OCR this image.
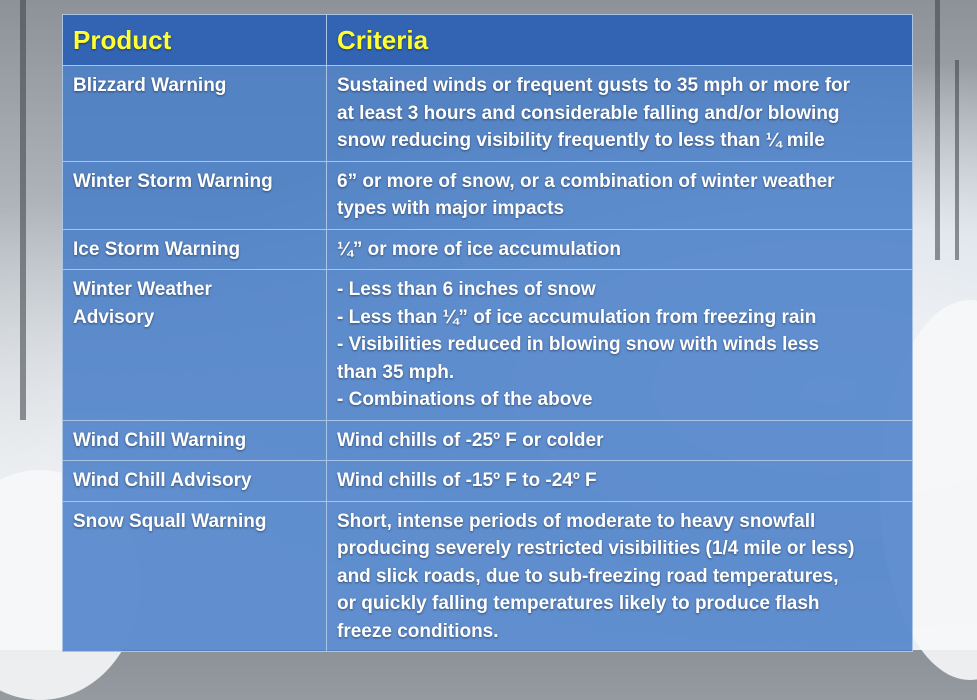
Product	Criteria

Blizzard Warning	Sustained winds or frequent gusts to 35 mph or more for
at least 3 hours and considerable falling and/or blowing
snow reducing visibility frequently to less than ¼ mile

Winter Storm Warning	6” or more of snow, or a combination of winter weather
types with major impacts

Ice Storm Warning	¼” or more of ice accumulation

Winter Weather
Advisory	- Less than 6 inches of snow
- Less than ¼” of ice accumulation from freezing rain
- Visibilities reduced in blowing snow with winds less
than 35 mph.
- Combinations of the above

Wind Chill Warning	Wind chills of -25º F or colder

Wind Chill Advisory	Wind chills of -15º F to -24º F

Snow Squall Warning	Short, intense periods of moderate to heavy snowfall
producing severely restricted visibilities (1/4 mile or less)
and slick roads, due to sub-freezing road temperatures,
or quickly falling temperatures likely to produce flash
freeze conditions.
